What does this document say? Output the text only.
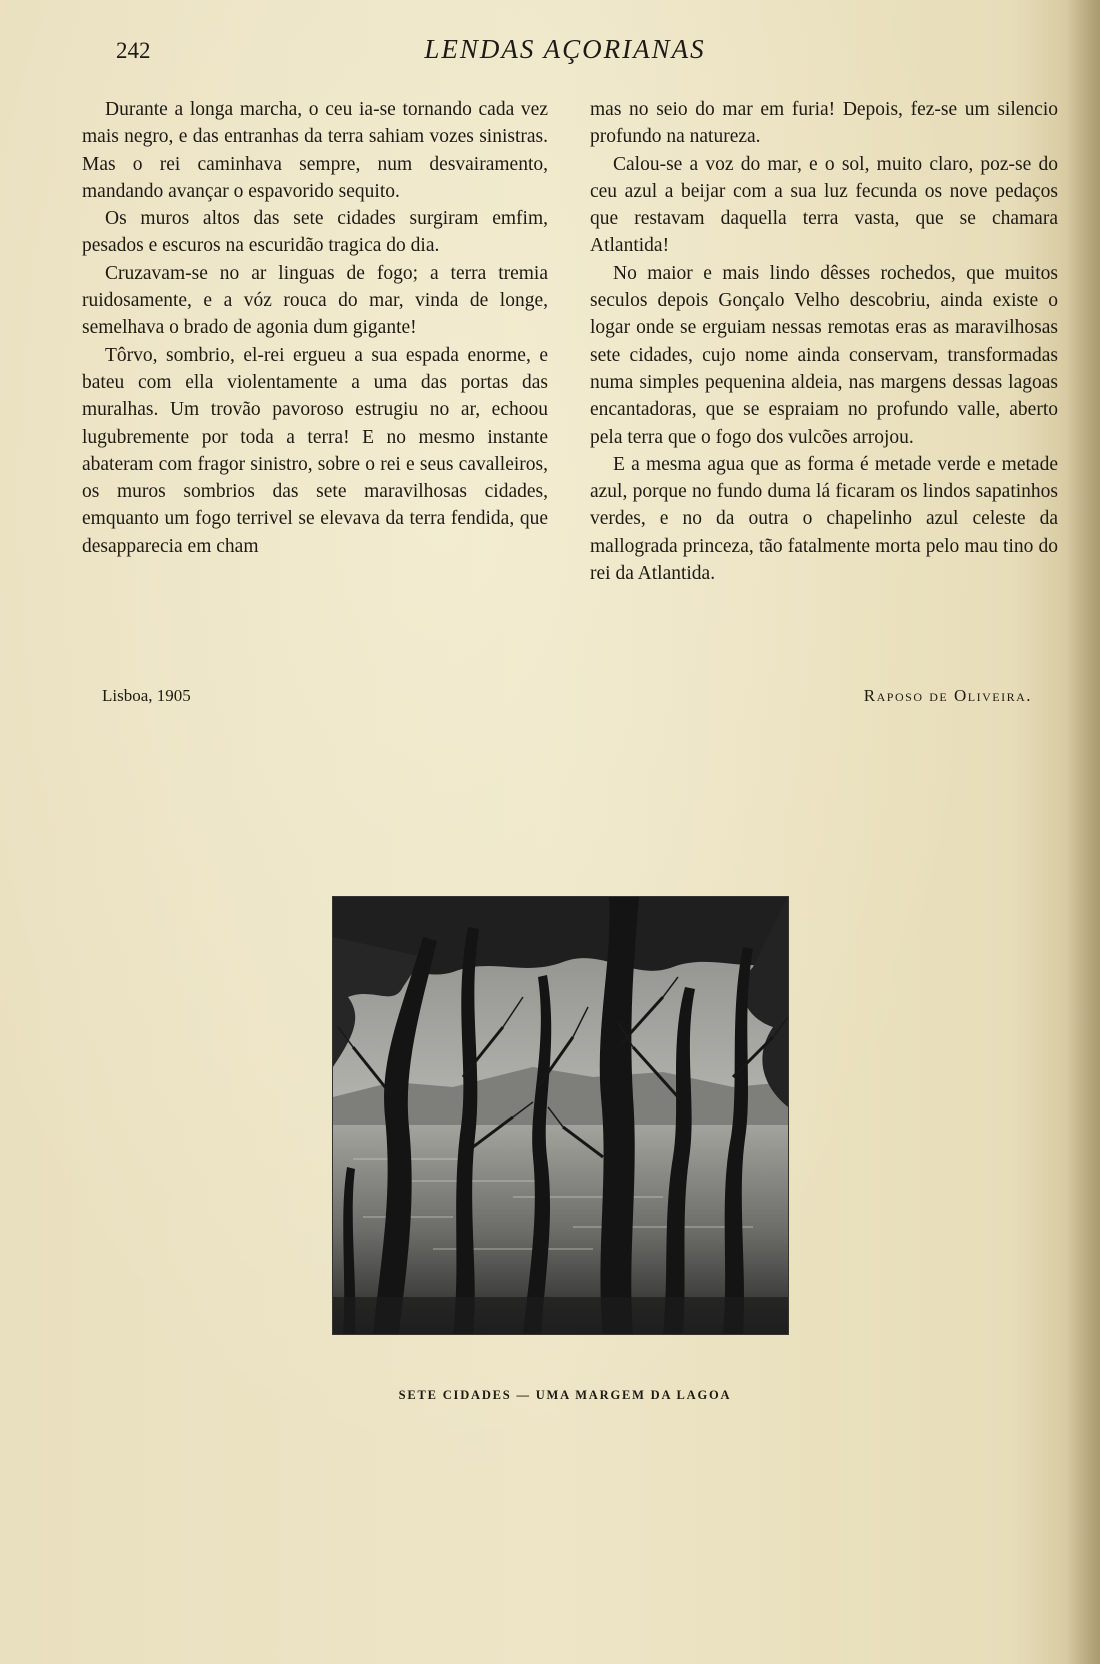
242	LENDAS AÇORIANAS

Durante a longa marcha, o ceu ia-se tornando cada vez mais negro, e das entranhas da terra sahiam vozes sinistras. Mas o rei caminhava sempre, num desvairamento, mandando avançar o espavorido sequito.

Os muros altos das sete cidades surgiram emfim, pesados e escuros na escuridão tragica do dia.

Cruzavam-se no ar linguas de fogo; a terra tremia ruidosamente, e a vóz rouca do mar, vinda de longe, semelhava o brado de agonia dum gigante!

Tôrvo, sombrio, el-rei ergueu a sua espada enorme, e bateu com ella violentamente a uma das portas das muralhas. Um trovão pavoroso estrugiu no ar, echoou lugubremente por toda a terra! E no mesmo instante abateram com fragor sinistro, sobre o rei e seus cavalleiros, os muros sombrios das sete maravilhosas cidades, emquanto um fogo terrivel se elevava da terra fendida, que desapparecia em cham

mas no seio do mar em furia! Depois, fez-se um silencio profundo na natureza.

Calou-se a voz do mar, e o sol, muito claro, poz-se do ceu azul a beijar com a sua luz fecunda os nove pedaços que restavam daquella terra vasta, que se chamara Atlantida!

No maior e mais lindo dêsses rochedos, que muitos seculos depois Gonçalo Velho descobriu, ainda existe o logar onde se erguiam nessas remotas eras as maravilhosas sete cidades, cujo nome ainda conservam, transformadas numa simples pequenina aldeia, nas margens dessas lagoas encantadoras, que se espraiam no profundo valle, aberto pela terra que o fogo dos vulcões arrojou.

E a mesma agua que as forma é metade verde e metade azul, porque no fundo duma lá ficaram os lindos sapatinhos verdes, e no da outra o chapelinho azul celeste da mallograda princeza, tão fatalmente morta pelo mau tino do rei da Atlantida.

Lisboa, 1905	Raposo de Oliveira.
SETE CIDADES — UMA MARGEM DA LAGOA
